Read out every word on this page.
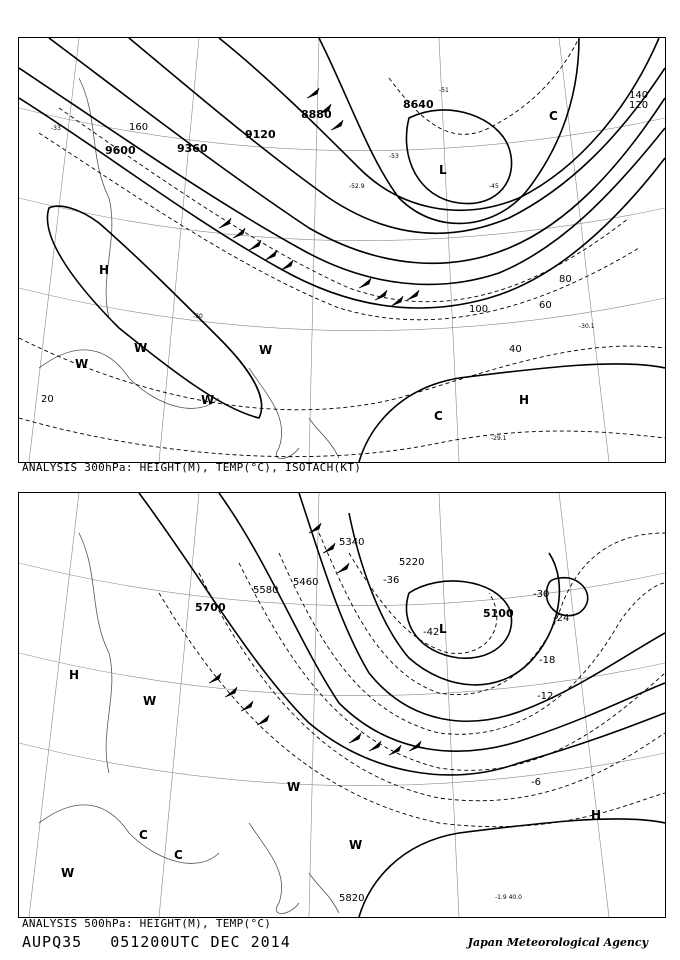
9600	9360
9120
8880
8640
160
140
120
100
80
60
40
20
-51
-52.9
-53
-45
-33
-30
-29.1
-30.1
H
H
L
W	W
W
W
C
C
ANALYSIS 300hPa: HEIGHT(M), TEMP(°C), ISOTACH(KT)
5820
5700
5580
5460
5340
5220
5100
-42
-36
-30
-24
-18
-12
-6
H
H
L
W
W
W
W
C
C
-1.9 40.0
ANALYSIS 500hPa: HEIGHT(M), TEMP(°C)
AUPQ35 051200UTC DEC 2014	Japan Meteorological Agency
